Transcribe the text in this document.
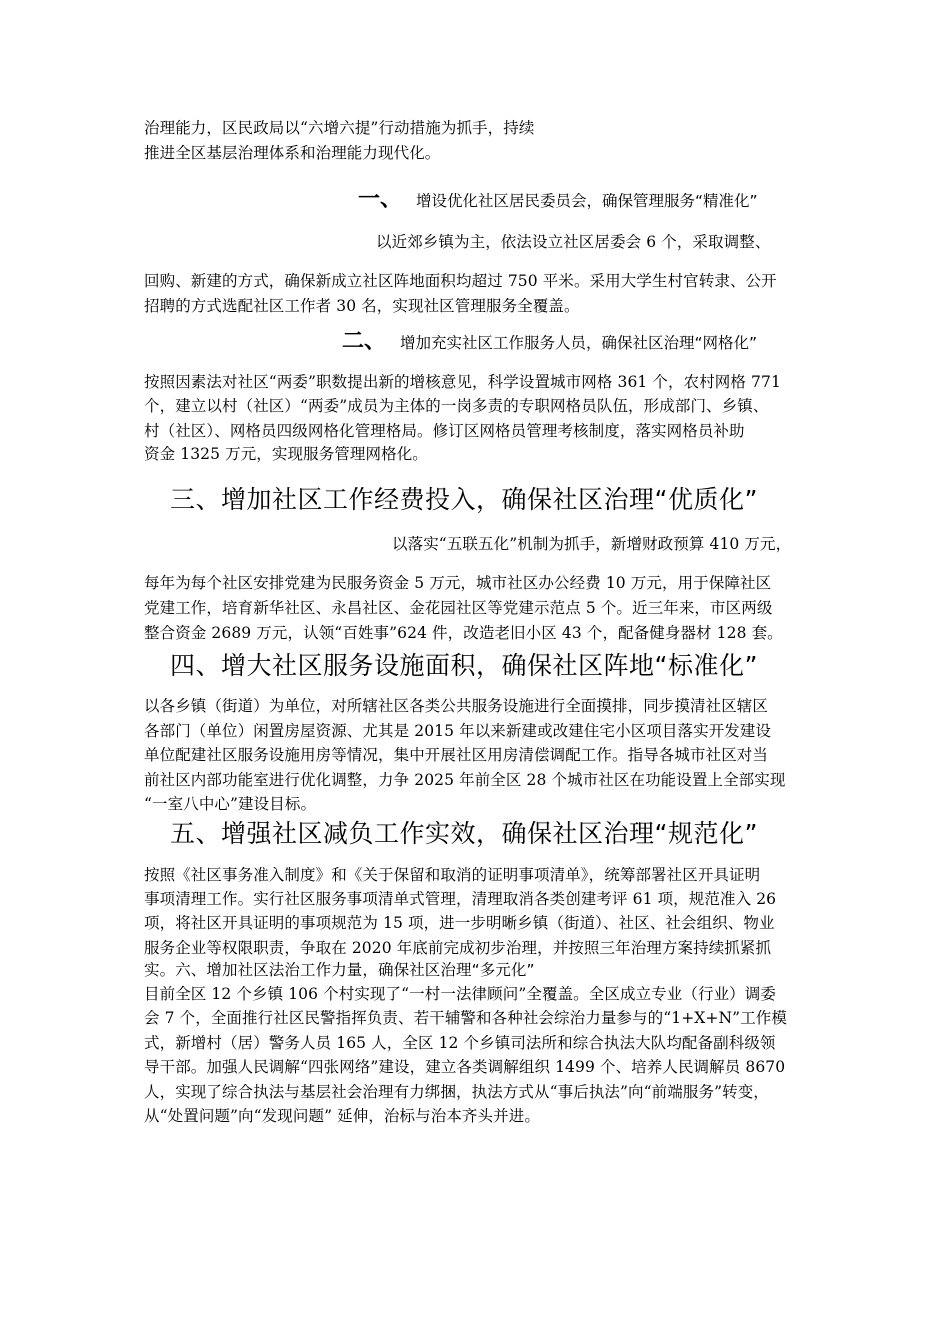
治理能力，区民政局以“六增六提”行动措施为抓手，持续

推进全区基层治理体系和治理能力现代化。

一、 增设优化社区居民委员会，确保管理服务“精准化”

以近郊乡镇为主，依法设立社区居委会 6 个，采取调整、

回购、新建的方式，确保新成立社区阵地面积均超过 750 平米。采用大学生村官转隶、公开

招聘的方式选配社区工作者 30 名，实现社区管理服务全覆盖。

二、 增加充实社区工作服务人员，确保社区治理“网格化”

按照因素法对社区“两委”职数提出新的增核意见，科学设置城市网格 361 个，农村网格 771

个，建立以村（社区）“两委”成员为主体的一岗多责的专职网格员队伍，形成部门、乡镇、

村（社区）、网格员四级网格化管理格局。修订区网格员管理考核制度，落实网格员补助

资金 1325 万元，实现服务管理网格化。

三、增加社区工作经费投入，确保社区治理“优质化”

以落实“五联五化”机制为抓手，新增财政预算 410 万元，

每年为每个社区安排党建为民服务资金 5 万元，城市社区办公经费 10 万元，用于保障社区

党建工作，培育新华社区、永昌社区、金花园社区等党建示范点 5 个。近三年来，市区两级

整合资金 2689 万元，认领“百姓事”624 件，改造老旧小区 43 个，配备健身器材 128 套。

四、增大社区服务设施面积，确保社区阵地“标准化”

以各乡镇（街道）为单位，对所辖社区各类公共服务设施进行全面摸排，同步摸清社区辖区

各部门（单位）闲置房屋资源、尤其是 2015 年以来新建或改建住宅小区项目落实开发建设

单位配建社区服务设施用房等情况，集中开展社区用房清偿调配工作。指导各城市社区对当

前社区内部功能室进行优化调整，力争 2025 年前全区 28 个城市社区在功能设置上全部实现

“一室八中心”建设目标。

五、增强社区减负工作实效，确保社区治理“规范化”

按照《社区事务准入制度》和《关于保留和取消的证明事项清单》，统筹部署社区开具证明

事项清理工作。实行社区服务事项清单式管理，清理取消各类创建考评 61 项，规范准入 26

项，将社区开具证明的事项规范为 15 项，进一步明晰乡镇（街道）、社区、社会组织、物业

服务企业等权限职责，争取在 2020 年底前完成初步治理，并按照三年治理方案持续抓紧抓

实。六、增加社区法治工作力量，确保社区治理“多元化”

目前全区 12 个乡镇 106 个村实现了“一村一法律顾问”全覆盖。全区成立专业（行业）调委

会 7 个，全面推行社区民警指挥负责、若干辅警和各种社会综治力量参与的“1+X+N”工作模

式，新增村（居）警务人员 165 人，全区 12 个乡镇司法所和综合执法大队均配备副科级领

导干部。加强人民调解“四张网络”建设，建立各类调解组织 1499 个、培养人民调解员 8670

人，实现了综合执法与基层社会治理有力绑捆，执法方式从“事后执法”向“前端服务”转变，

从“处置问题”向“发现问题” 延伸，治标与治本齐头并进。
